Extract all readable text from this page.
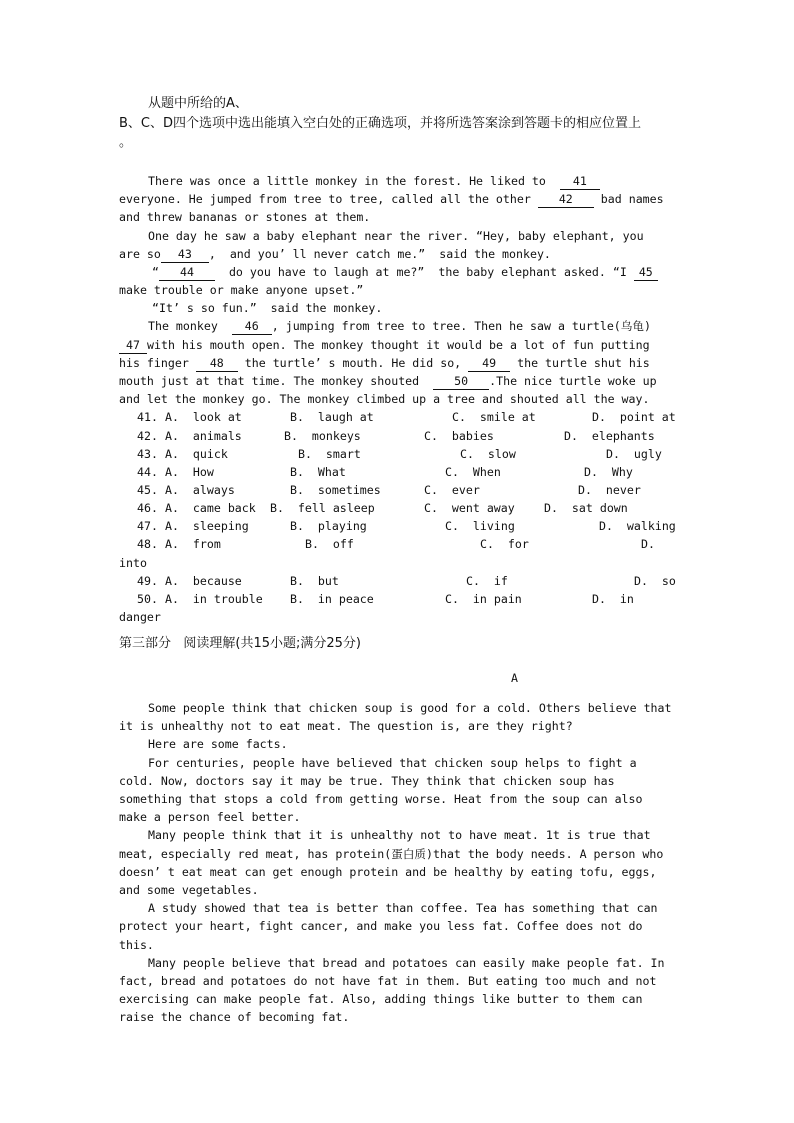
从题中所给的A、
B、C、D四个选项中选出能填入空白处的正确选项，并将所选答案涂到答题卡的相应位置上
。
There was once a little monkey in the forest. He liked to 41
everyone. He jumped from tree to tree, called all the other 42 bad names
and threw bananas or stones at them.
One day he saw a baby elephant near the river. “Hey, baby elephant, you
are so 43 ,  and you’ ll never catch me.”  said the monkey.
“ 44	do you have to laugh at me?”  the baby elephant asked. “I 45
make trouble or make anyone upset.”
“It’ s so fun.”  said the monkey.
The monkey 46 , jumping from tree to tree. Then he saw a turtle(乌龟)
47 with his mouth open. The monkey thought it would be a lot of fun putting
his finger 48 the turtle’ s mouth. He did so, 49 the turtle shut his
mouth just at that time. The monkey shouted	50 .The nice turtle woke up
and let the monkey go. The monkey climbed up a tree and shouted all the way.
41. A.  look at	B.  laugh at	C.  smile at	D.  point at
42. A.  animals	B.  monkeys	C.  babies	D.  elephants
43. A.  quick	B.  smart	C.  slow	D.  ugly
44. A.  How	B.  What	C.  When	D.  Why
45. A.  always	B.  sometimes	C.  ever	D.  never
46. A.  came back B.  fell asleep	C.  went away	D.  sat down
47. A.  sleeping	B.  playing	C.  living	D.  walking
48. A.  from	B.  off	C.  for	D.
into
49. A.  because	B.  but	C.  if	D.  so
50. A.  in trouble B.  in peace	C.  in pain	D.  in
danger
第三部分   阅读理解(共15小题;满分25分)
A
Some people think that chicken soup is good for a cold. Others believe that
it is unhealthy not to eat meat. The question is, are they right?
Here are some facts.
For centuries, people have believed that chicken soup helps to fight a
cold. Now, doctors say it may be true. They think that chicken soup has
something that stops a cold from getting worse. Heat from the soup can also
make a person feel better.
Many people think that it is unhealthy not to have meat. 1t is true that
meat, especially red meat, has protein(蛋白质)that the body needs. A person who
doesn’ t eat meat can get enough protein and be healthy by eating tofu, eggs,
and some vegetables.
A study showed that tea is better than coffee. Tea has something that can
protect your heart, fight cancer, and make you less fat. Coffee does not do
this.
Many people believe that bread and potatoes can easily make people fat. In
fact, bread and potatoes do not have fat in them. But eating too much and not
exercising can make people fat. Also, adding things like butter to them can
raise the chance of becoming fat.
